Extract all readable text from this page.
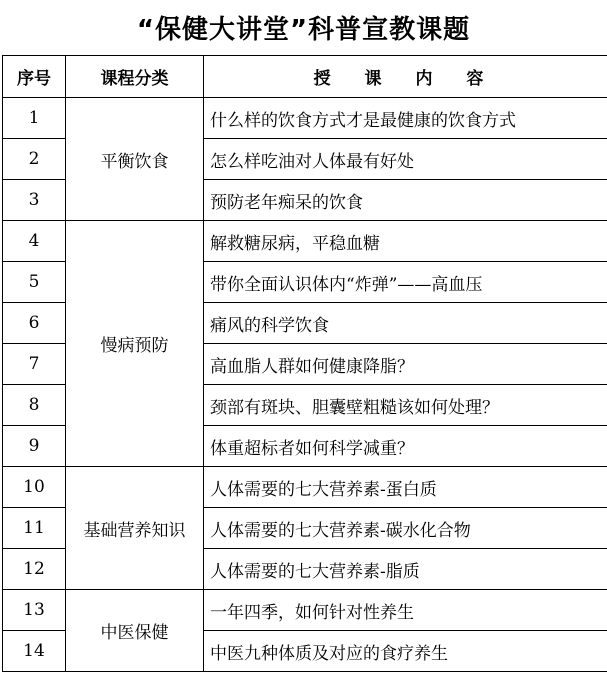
“保健大讲堂”科普宣教课题
序号	课程分类	授 课 内 容
1	平衡饮食	什么样的饮食方式才是最健康的饮食方式
2		怎么样吃油对人体最有好处
3		预防老年痴呆的饮食
4	慢病预防	解救糖尿病，平稳血糖
5		带你全面认识体内“炸弹”——高血压
6		痛风的科学饮食
7		高血脂人群如何健康降脂？
8		颈部有斑块、胆囊壁粗糙该如何处理？
9		体重超标者如何科学减重？
10	基础营养知识	人体需要的七大营养素-蛋白质
11		人体需要的七大营养素-碳水化合物
12		人体需要的七大营养素-脂质
13	中医保健	一年四季，如何针对性养生
14		中医九种体质及对应的食疗养生
